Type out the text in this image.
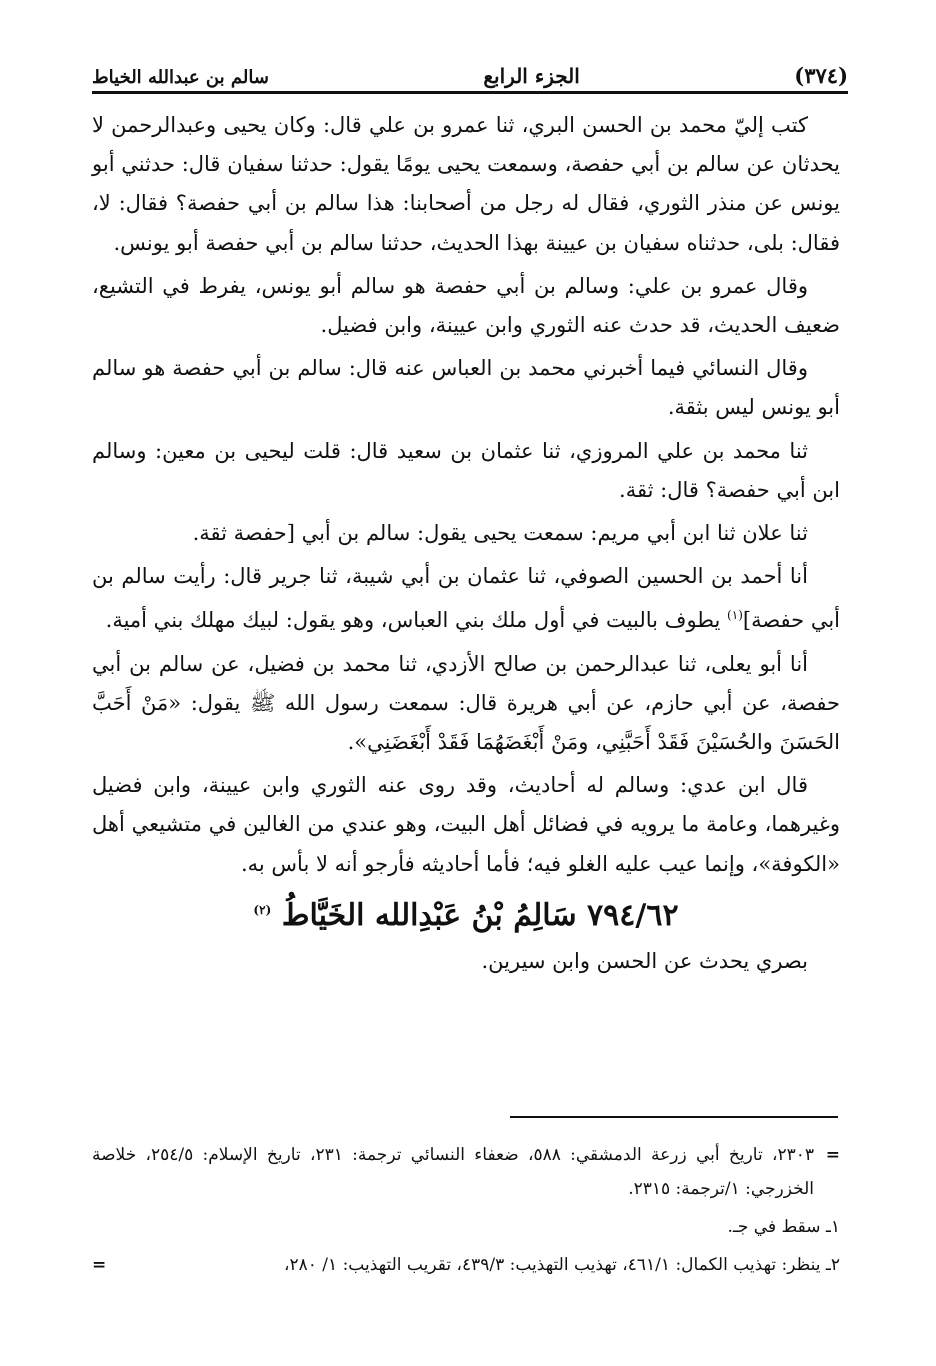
(٣٧٤)
الجزء الرابع
سالم بن عبدالله الخياط

كتب إليّ محمد بن الحسن البري، ثنا عمرو بن علي قال: وكان يحيى وعبدالرحمن لا يحدثان عن سالم بن أبي حفصة، وسمعت يحيى يومًا يقول: حدثنا سفيان قال: حدثني أبو يونس عن منذر الثوري، فقال له رجل من أصحابنا: هذا سالم بن أبي حفصة؟ فقال: لا، فقال: بلى، حدثناه سفيان بن عيينة بهذا الحديث، حدثنا سالم بن أبي حفصة أبو يونس.

وقال عمرو بن علي: وسالم بن أبي حفصة هو سالم أبو يونس، يفرط في التشيع، ضعيف الحديث، قد حدث عنه الثوري وابن عيينة، وابن فضيل.

وقال النسائي فيما أخبرني محمد بن العباس عنه قال: سالم بن أبي حفصة هو سالم أبو يونس ليس بثقة.

ثنا محمد بن علي المروزي، ثنا عثمان بن سعيد قال: قلت ليحيى بن معين: وسالم ابن أبي حفصة؟ قال: ثقة.

ثنا علان ثنا ابن أبي مريم: سمعت يحيى يقول: سالم بن أبي [حفصة ثقة.

أنا أحمد بن الحسين الصوفي، ثنا عثمان بن أبي شيبة، ثنا جرير قال: رأيت سالم بن أبي حفصة]$^{(١)}$ يطوف بالبيت في أول ملك بني العباس، وهو يقول: لبيك مهلك بني أمية.

أنا أبو يعلى، ثنا عبدالرحمن بن صالح الأزدي، ثنا محمد بن فضيل، عن سالم بن أبي حفصة، عن أبي حازم، عن أبي هريرة قال: سمعت رسول الله ﷺ يقول: «مَنْ أَحَبَّ الحَسَنَ والحُسَيْنَ فَقَدْ أَحَبَّنِي، ومَنْ أَبْغَضَهُمَا فَقَدْ أَبْغَضَنِي».

قال ابن عدي: وسالم له أحاديث، وقد روى عنه الثوري وابن عيينة، وابن فضيل وغيرهما، وعامة ما يرويه في فضائل أهل البيت، وهو عندي من الغالين في متشيعي أهل «الكوفة»، وإنما عيب عليه الغلو فيه؛ فأما أحاديثه فأرجو أنه لا بأس به.

٧٩٤/٦٢ سَالِمُ بْنُ عَبْدِالله الخَيَّاطُ $^{(٢)}$

بصري يحدث عن الحسن وابن سيرين.

=
٢٣٠٣، تاريخ أبي زرعة الدمشقي: ٥٨٨، ضعفاء النسائي ترجمة: ٢٣١، تاريخ الإسلام: ٢٥٤/٥، خلاصة الخزرجي: ١/ترجمة: ٢٣١٥.

١ـ سقط في جـ.

٢ـ ينظر: تهذيب الكمال: ٤٦١/١، تهذيب التهذيب: ٤٣٩/٣، تقريب التهذيب: ١/ ٢٨٠،
=
